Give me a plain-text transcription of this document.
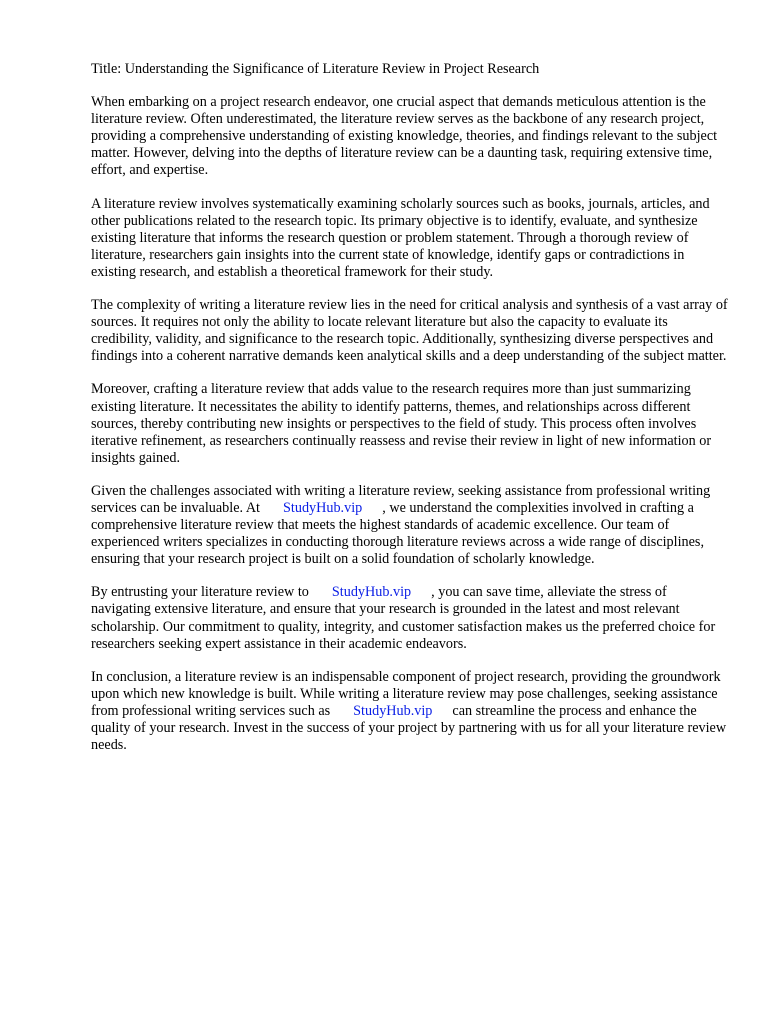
Title: Understanding the Significance of Literature Review in Project Research

When embarking on a project research endeavor, one crucial aspect that demands meticulous attention is the literature review. Often underestimated, the literature review serves as the backbone of any research project, providing a comprehensive understanding of existing knowledge, theories, and findings relevant to the subject matter. However, delving into the depths of literature review can be a daunting task, requiring extensive time, effort, and expertise.

A literature review involves systematically examining scholarly sources such as books, journals, articles, and other publications related to the research topic. Its primary objective is to identify, evaluate, and synthesize existing literature that informs the research question or problem statement. Through a thorough review of literature, researchers gain insights into the current state of knowledge, identify gaps or contradictions in existing research, and establish a theoretical framework for their study.

The complexity of writing a literature review lies in the need for critical analysis and synthesis of a vast array of sources. It requires not only the ability to locate relevant literature but also the capacity to evaluate its credibility, validity, and significance to the research topic. Additionally, synthesizing diverse perspectives and findings into a coherent narrative demands keen analytical skills and a deep understanding of the subject matter.

Moreover, crafting a literature review that adds value to the research requires more than just summarizing existing literature. It necessitates the ability to identify patterns, themes, and relationships across different sources, thereby contributing new insights or perspectives to the field of study. This process often involves iterative refinement, as researchers continually reassess and revise their review in light of new information or insights gained.

Given the challenges associated with writing a literature review, seeking assistance from professional writing services can be invaluable. At StudyHub.vip , we understand the complexities involved in crafting a comprehensive literature review that meets the highest standards of academic excellence. Our team of experienced writers specializes in conducting thorough literature reviews across a wide range of disciplines, ensuring that your research project is built on a solid foundation of scholarly knowledge.

By entrusting your literature review to StudyHub.vip , you can save time, alleviate the stress of navigating extensive literature, and ensure that your research is grounded in the latest and most relevant scholarship. Our commitment to quality, integrity, and customer satisfaction makes us the preferred choice for researchers seeking expert assistance in their academic endeavors.

In conclusion, a literature review is an indispensable component of project research, providing the groundwork upon which new knowledge is built. While writing a literature review may pose challenges, seeking assistance from professional writing services such as StudyHub.vip can streamline the process and enhance the quality of your research. Invest in the success of your project by partnering with us for all your literature review needs.
